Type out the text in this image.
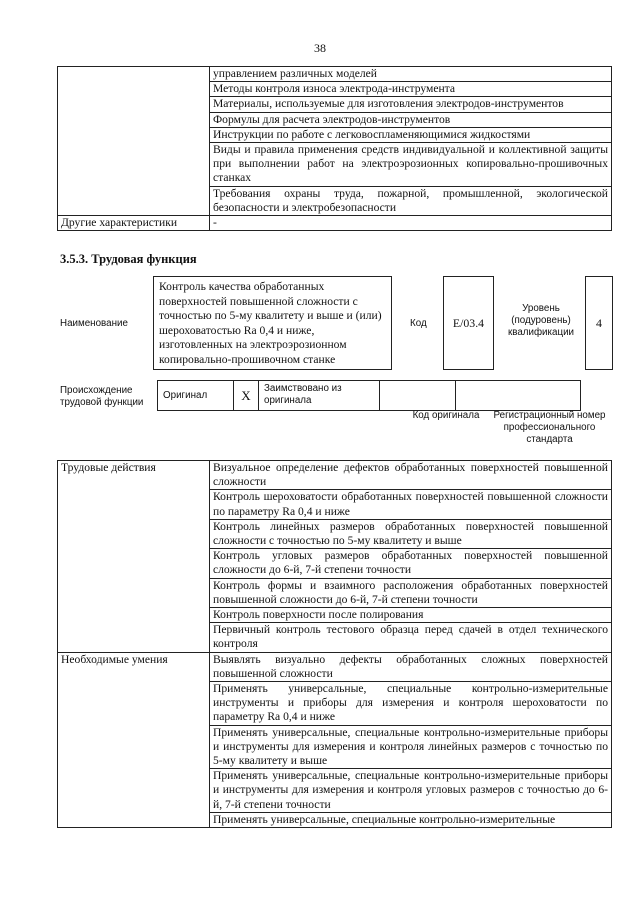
38
	управлением различных моделей
	Методы контроля износа электрода-инструмента
	Материалы, используемые для изготовления электродов-инструментов
	Формулы для расчета электродов-инструментов
	Инструкции по работе с легковоспламеняющимися жидкостями
	Виды и правила применения средств индивидуальной и коллективной защиты при выполнении работ на электроэрозионных копировально-прошивочных станках
	Требования охраны труда, пожарной, промышленной, экологической безопасности и электробезопасности
Другие характеристики	-
3.5.3. Трудовая функция
Наименование
Контроль качества обработанных поверхностей повышенной сложности с точностью по 5-му квалитету и выше и (или) шероховатостью Ra 0,4 и ниже, изготовленных на электроэрозионном копировально-прошивочном станке
Код	E/03.4
Уровень (подуровень) квалификации
4
Происхождение трудовой функции
Оригинал	X	Заимствовано из оригинала		
Код оригинала	Регистрационный номер профессионального стандарта
Трудовые действия	Визуальное определение дефектов обработанных поверхностей повышенной сложности
	Контроль шероховатости обработанных поверхностей повышенной сложности по параметру Ra 0,4 и ниже
	Контроль линейных размеров обработанных поверхностей повышенной сложности с точностью по 5-му квалитету и выше
	Контроль угловых размеров обработанных поверхностей повышенной сложности до 6-й, 7-й степени точности
	Контроль формы и взаимного расположения обработанных поверхностей повышенной сложности до 6-й, 7-й степени точности
	Контроль поверхности после полирования
	Первичный контроль тестового образца перед сдачей в отдел технического контроля
Необходимые умения	Выявлять визуально дефекты обработанных сложных поверхностей повышенной сложности
	Применять универсальные, специальные контрольно-измерительные инструменты и приборы для измерения и контроля шероховатости по параметру Ra 0,4 и ниже
	Применять универсальные, специальные контрольно-измерительные приборы и инструменты для измерения и контроля линейных размеров с точностью по 5-му квалитету и выше
	Применять универсальные, специальные контрольно-измерительные приборы и инструменты для измерения и контроля угловых размеров с точностью до 6-й, 7-й степени точности
	Применять универсальные, специальные контрольно-измерительные
